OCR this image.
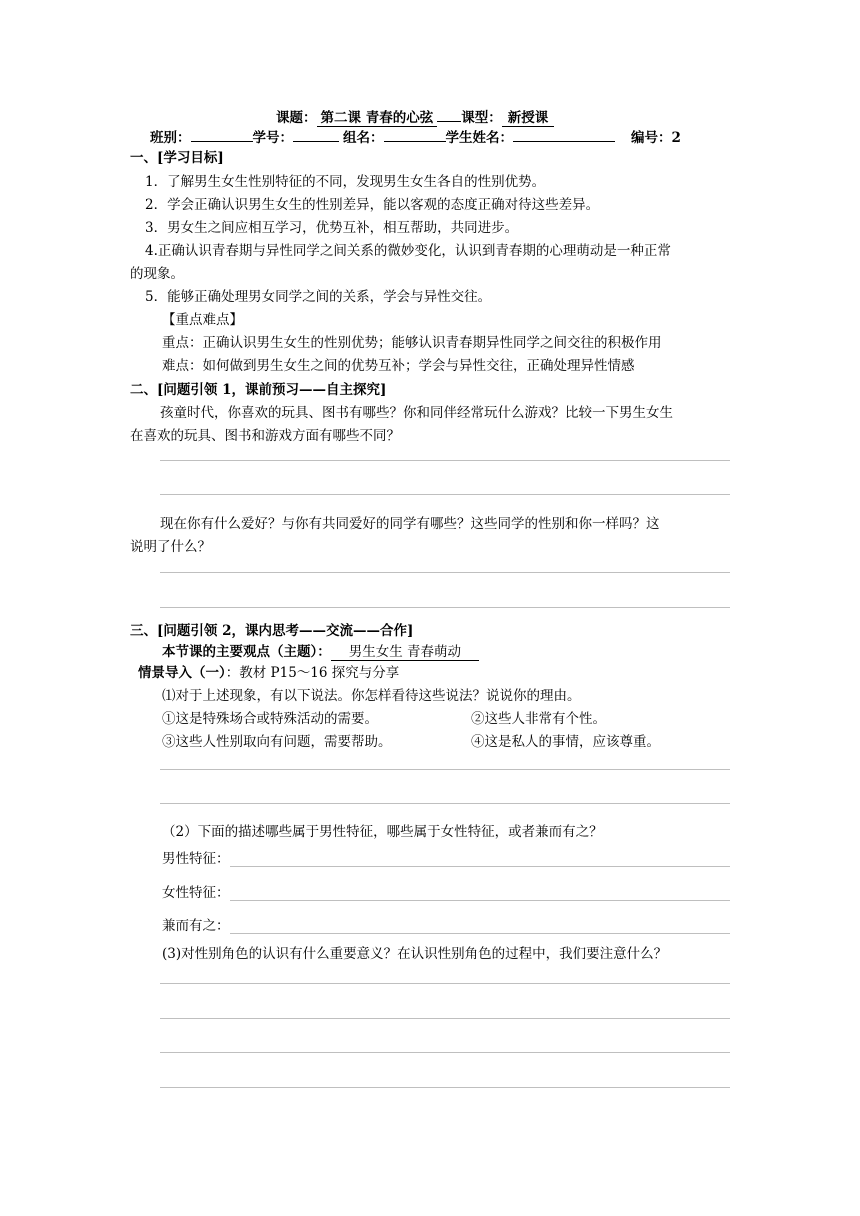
课题： 第二课 青春的心弦 课型： 新授课
班别：	学号：	组名：	学生姓名：	编号：2
一、[学习目标]
1．了解男生女生性别特征的不同，发现男生女生各自的性别优势。
2．学会正确认识男生女生的性别差异，能以客观的态度正确对待这些差异。
3．男女生之间应相互学习，优势互补，相互帮助，共同进步。
4.正确认识青春期与异性同学之间关系的微妙变化，认识到青春期的心理萌动是一种正常
的现象。
5．能够正确处理男女同学之间的关系，学会与异性交往。
【重点难点】
重点：正确认识男生女生的性别优势；能够认识青春期异性同学之间交往的积极作用
难点：如何做到男生女生之间的优势互补；学会与异性交往，正确处理异性情感
二、[问题引领 1，课前预习——自主探究]
孩童时代，你喜欢的玩具、图书有哪些？你和同伴经常玩什么游戏？比较一下男生女生
在喜欢的玩具、图书和游戏方面有哪些不同？
现在你有什么爱好？与你有共同爱好的同学有哪些？这些同学的性别和你一样吗？这
说明了什么？
三、[问题引领 2，课内思考——交流——合作]
本节课的主要观点（主题）： 男生女生 青春萌动
情景导入（一）：教材 P15～16 探究与分享
⑴对于上述现象，有以下说法。你怎样看待这些说法？说说你的理由。
①这是特殊场合或特殊活动的需要。	②这些人非常有个性。
③这些人性别取向有问题，需要帮助。	④这是私人的事情，应该尊重。
（2）下面的描述哪些属于男性特征，哪些属于女性特征，或者兼而有之？
男性特征：
女性特征：
兼而有之：
(3)对性别角色的认识有什么重要意义？在认识性别角色的过程中，我们要注意什么？
